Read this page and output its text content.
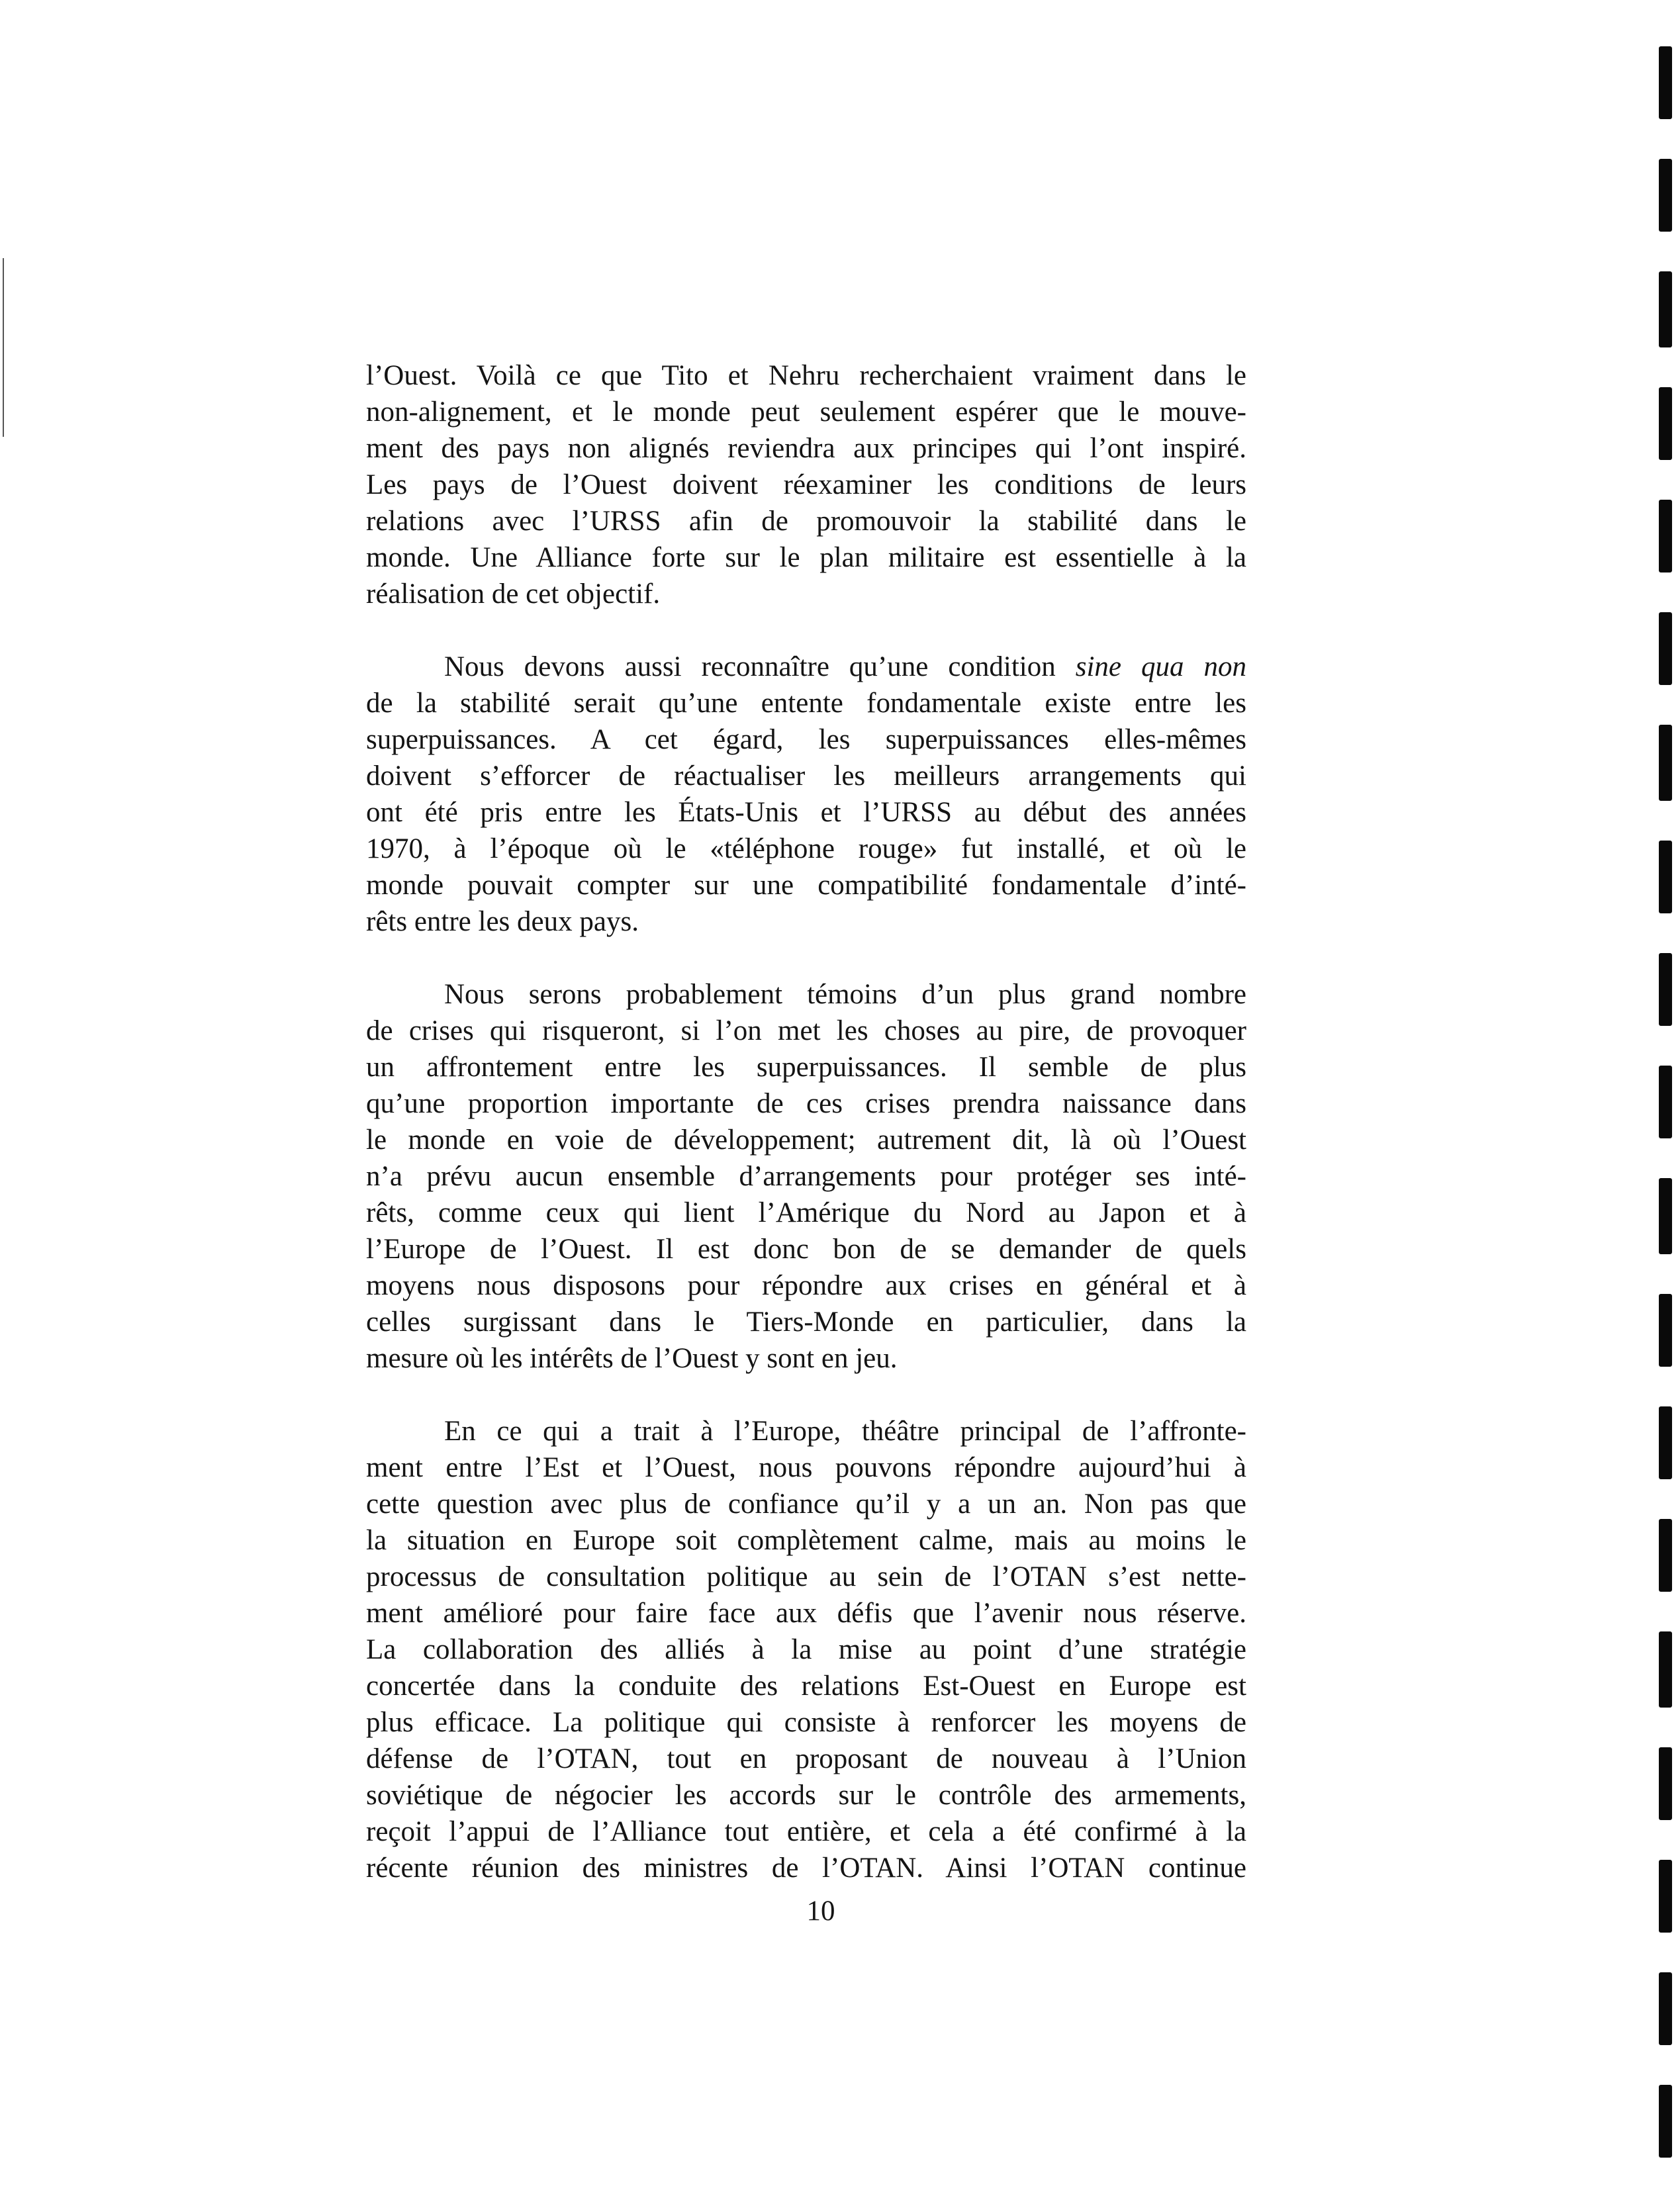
l’Ouest. Voilà ce que Tito et Nehru recherchaient vraiment dans le
non-alignement, et le monde peut seulement espérer que le mouve-
ment des pays non alignés reviendra aux principes qui l’ont inspiré.
Les pays de l’Ouest doivent réexaminer les conditions de leurs
relations avec l’URSS afin de promouvoir la stabilité dans le
monde. Une Alliance forte sur le plan militaire est essentielle à la
réalisation de cet objectif.
Nous devons aussi reconnaître qu’une condition sine qua non
de la stabilité serait qu’une entente fondamentale existe entre les
superpuissances. A cet égard, les superpuissances elles-mêmes
doivent s’efforcer de réactualiser les meilleurs arrangements qui
ont été pris entre les États-Unis et l’URSS au début des années
1970, à l’époque où le «téléphone rouge» fut installé, et où le
monde pouvait compter sur une compatibilité fondamentale d’inté-
rêts entre les deux pays.
Nous serons probablement témoins d’un plus grand nombre
de crises qui risqueront, si l’on met les choses au pire, de provoquer
un affrontement entre les superpuissances. Il semble de plus
qu’une proportion importante de ces crises prendra naissance dans
le monde en voie de développement; autrement dit, là où l’Ouest
n’a prévu aucun ensemble d’arrangements pour protéger ses inté-
rêts, comme ceux qui lient l’Amérique du Nord au Japon et à
l’Europe de l’Ouest. Il est donc bon de se demander de quels
moyens nous disposons pour répondre aux crises en général et à
celles surgissant dans le Tiers-Monde en particulier, dans la
mesure où les intérêts de l’Ouest y sont en jeu.
En ce qui a trait à l’Europe, théâtre principal de l’affronte-
ment entre l’Est et l’Ouest, nous pouvons répondre aujourd’hui à
cette question avec plus de confiance qu’il y a un an. Non pas que
la situation en Europe soit complètement calme, mais au moins le
processus de consultation politique au sein de l’OTAN s’est nette-
ment amélioré pour faire face aux défis que l’avenir nous réserve.
La collaboration des alliés à la mise au point d’une stratégie
concertée dans la conduite des relations Est-Ouest en Europe est
plus efficace. La politique qui consiste à renforcer les moyens de
défense de l’OTAN, tout en proposant de nouveau à l’Union
soviétique de négocier les accords sur le contrôle des armements,
reçoit l’appui de l’Alliance tout entière, et cela a été confirmé à la
récente réunion des ministres de l’OTAN. Ainsi l’OTAN continue
10
